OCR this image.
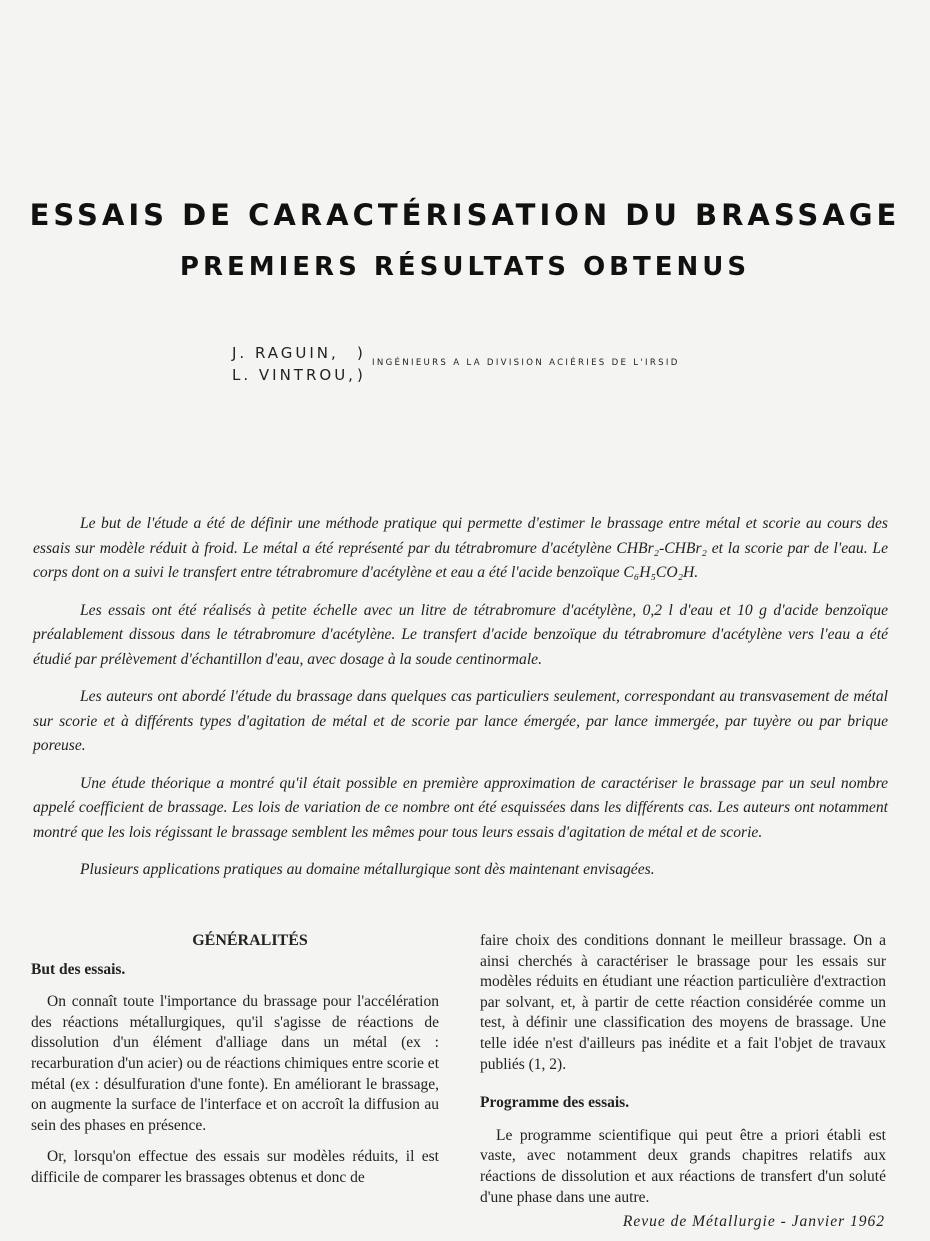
ESSAIS DE CARACTÉRISATION DU BRASSAGE
PREMIERS RÉSULTATS OBTENUS
J. RAGUIN,
L. VINTROU,
)
)
INGÉNIEURS A LA DIVISION ACIÉRIES DE L'IRSID

Le but de l'étude a été de définir une méthode pratique qui permette d'estimer le brassage entre métal et scorie au cours des essais sur modèle réduit à froid. Le métal a été représenté par du tétrabromure d'acétylène CHBr₂-CHBr₂ et la scorie par de l'eau. Le corps dont on a suivi le transfert entre tétrabromure d'acétylène et eau a été l'acide benzoïque C₆H₅CO₂H.

Les essais ont été réalisés à petite échelle avec un litre de tétrabromure d'acétylène, 0,2 l d'eau et 10 g d'acide benzoïque préalablement dissous dans le tétrabromure d'acétylène. Le transfert d'acide benzoïque du tétrabromure d'acétylène vers l'eau a été étudié par prélèvement d'échantillon d'eau, avec dosage à la soude centinormale.

Les auteurs ont abordé l'étude du brassage dans quelques cas particuliers seulement, correspondant au transvasement de métal sur scorie et à différents types d'agitation de métal et de scorie par lance émergée, par lance immergée, par tuyère ou par brique poreuse.

Une étude théorique a montré qu'il était possible en première approximation de caractériser le brassage par un seul nombre appelé coefficient de brassage. Les lois de variation de ce nombre ont été esquissées dans les différents cas. Les auteurs ont notamment montré que les lois régissant le brassage semblent les mêmes pour tous leurs essais d'agitation de métal et de scorie.

Plusieurs applications pratiques au domaine métallurgique sont dès maintenant envisagées.

GÉNÉRALITÉS
But des essais.

On connaît toute l'importance du brassage pour l'accélération des réactions métallurgiques, qu'il s'agisse de réactions de dissolution d'un élément d'alliage dans un métal (ex : recarburation d'un acier) ou de réactions chimiques entre scorie et métal (ex : désulfuration d'une fonte). En améliorant le brassage, on augmente la surface de l'interface et on accroît la diffusion au sein des phases en présence.

Or, lorsqu'on effectue des essais sur modèles réduits, il est difficile de comparer les brassages obtenus et donc de

faire choix des conditions donnant le meilleur brassage. On a ainsi cherchés à caractériser le brassage pour les essais sur modèles réduits en étudiant une réaction particulière d'extraction par solvant, et, à partir de cette réaction considérée comme un test, à définir une classification des moyens de brassage. Une telle idée n'est d'ailleurs pas inédite et a fait l'objet de travaux publiés (1, 2).

Programme des essais.

Le programme scientifique qui peut être a priori établi est vaste, avec notamment deux grands chapitres relatifs aux réactions de dissolution et aux réactions de transfert d'un soluté d'une phase dans une autre.

Revue de Métallurgie - Janvier 1962
